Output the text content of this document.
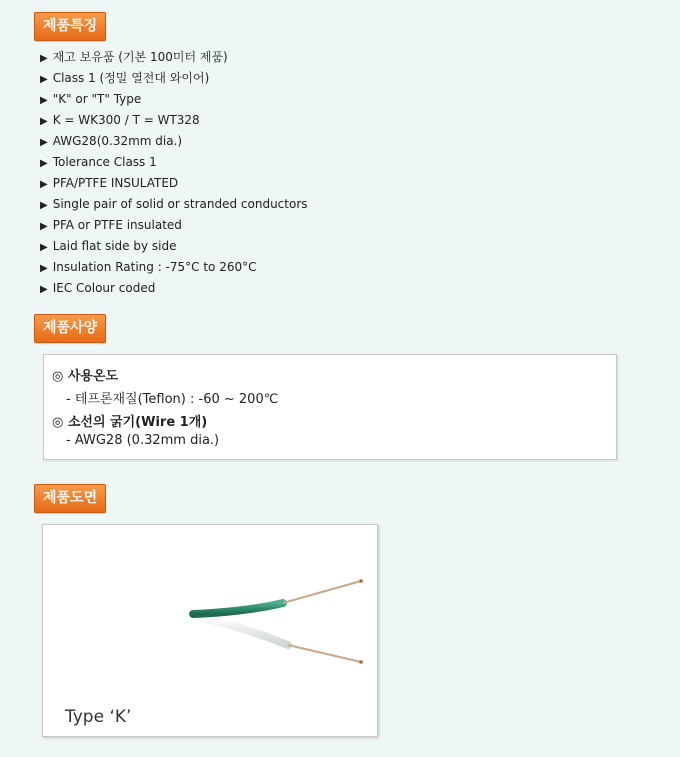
제품특징
▶ 재고 보유품 (기본 100미터 제품)
▶ Class 1 (정밀 열전대 와이어)
▶ "K" or "T" Type
▶ K = WK300 / T = WT328
▶ AWG28(0.32mm dia.)
▶ Tolerance Class 1
▶ PFA/PTFE INSULATED
▶ Single pair of solid or stranded conductors
▶ PFA or PTFE insulated
▶ Laid flat side by side
▶ Insulation Rating : -75°C to 260°C
▶ IEC Colour coded
제품사양
◎ 사용온도
- 테프론재질(Teflon) : -60 ~ 200℃
◎ 소선의 굵기(Wire 1개)
- AWG28 (0.32mm dia.)
제품도면
Type ‘K’
